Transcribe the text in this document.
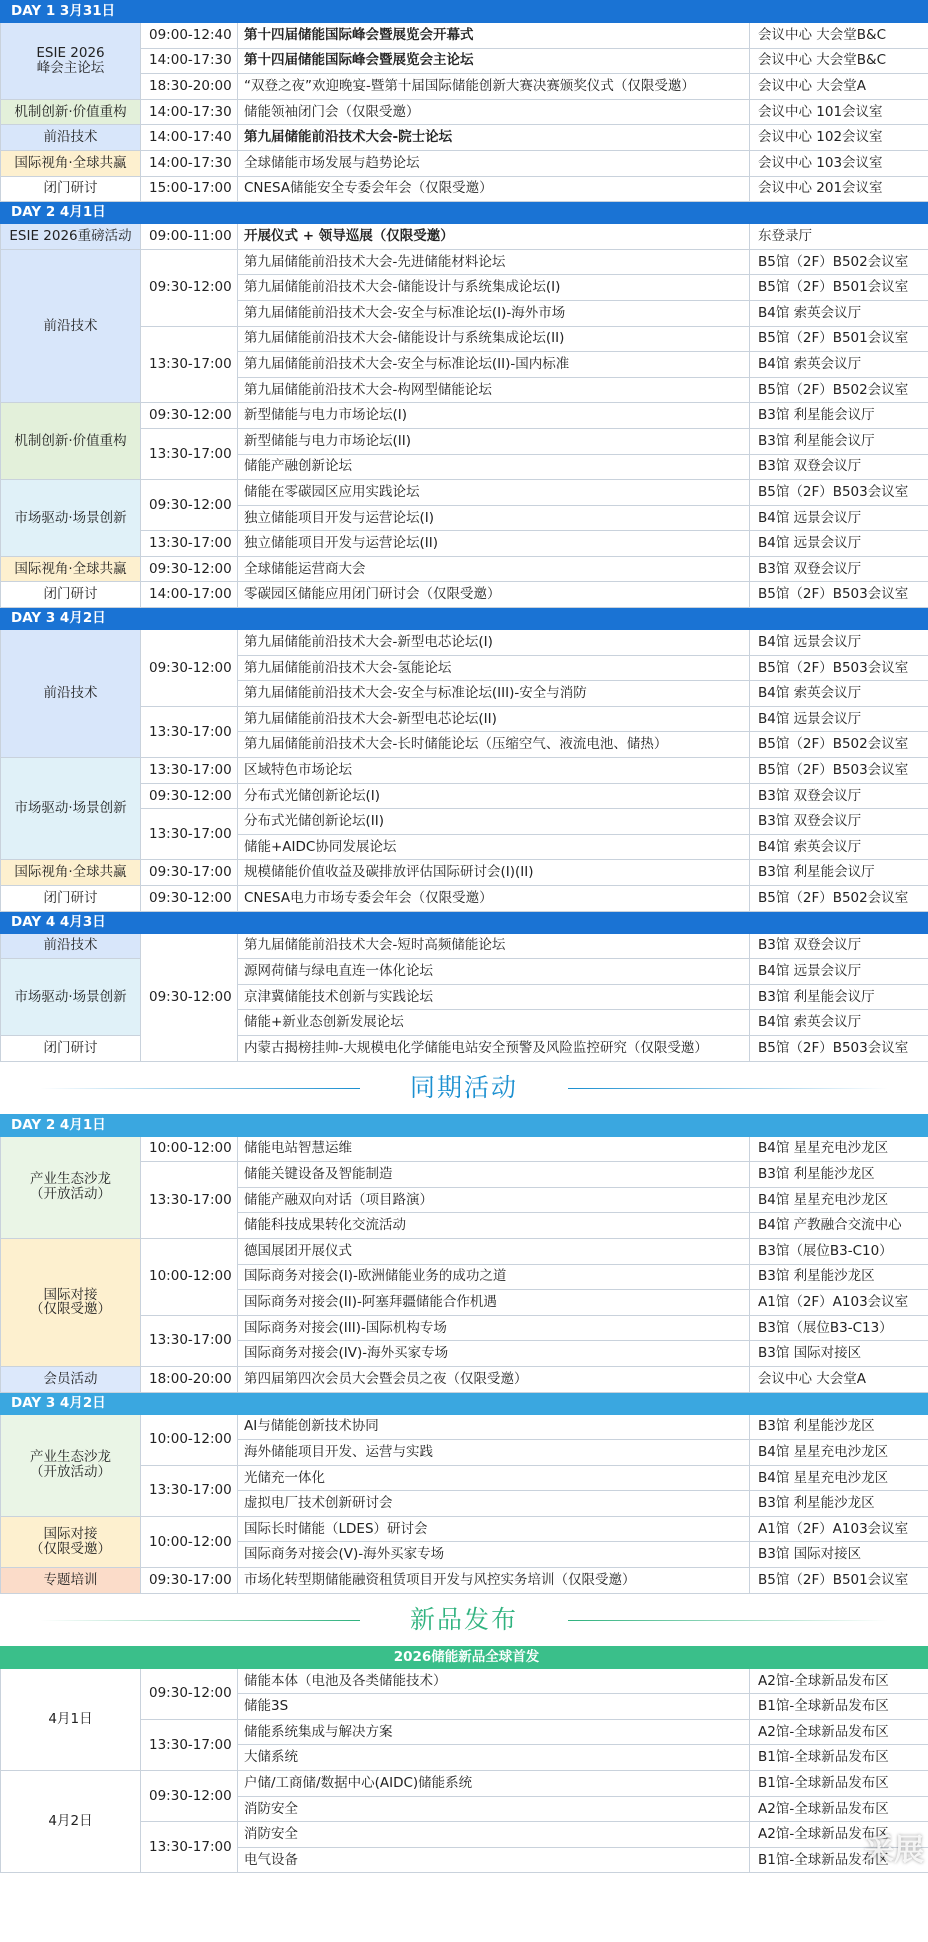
DAY 1 3月31日			
ESIE 2026
峰会主论坛	09:00-12:40	第十四届储能国际峰会暨展览会开幕式	会议中心 大会堂B&C
	14:00-17:30	第十四届储能国际峰会暨展览会主论坛	会议中心 大会堂B&C
	18:30-20:00	“双登之夜”欢迎晚宴-暨第十届国际储能创新大赛决赛颁奖仪式（仅限受邀）	会议中心 大会堂A
机制创新·价值重构	14:00-17:30	储能领袖闭门会（仅限受邀）	会议中心 101会议室
前沿技术	14:00-17:40	第九届储能前沿技术大会-院士论坛	会议中心 102会议室
国际视角·全球共赢	14:00-17:30	全球储能市场发展与趋势论坛	会议中心 103会议室
闭门研讨	15:00-17:00	CNESA储能安全专委会年会（仅限受邀）	会议中心 201会议室
DAY 2 4月1日			
ESIE 2026重磅活动	09:00-11:00	开展仪式 + 领导巡展（仅限受邀）	东登录厅
前沿技术	09:30-12:00	第九届储能前沿技术大会-先进储能材料论坛	B5馆（2F）B502会议室
		第九届储能前沿技术大会-储能设计与系统集成论坛(I)	B5馆（2F）B501会议室
		第九届储能前沿技术大会-安全与标准论坛(I)-海外市场	B4馆 索英会议厅
	13:30-17:00	第九届储能前沿技术大会-储能设计与系统集成论坛(II)	B5馆（2F）B501会议室
		第九届储能前沿技术大会-安全与标准论坛(II)-国内标准	B4馆 索英会议厅
		第九届储能前沿技术大会-构网型储能论坛	B5馆（2F）B502会议室
机制创新·价值重构	09:30-12:00	新型储能与电力市场论坛(I)	B3馆 利星能会议厅
	13:30-17:00	新型储能与电力市场论坛(II)	B3馆 利星能会议厅
		储能产融创新论坛	B3馆 双登会议厅
市场驱动·场景创新	09:30-12:00	储能在零碳园区应用实践论坛	B5馆（2F）B503会议室
		独立储能项目开发与运营论坛(I)	B4馆 远景会议厅
	13:30-17:00	独立储能项目开发与运营论坛(II)	B4馆 远景会议厅
国际视角·全球共赢	09:30-12:00	全球储能运营商大会	B3馆 双登会议厅
闭门研讨	14:00-17:00	零碳园区储能应用闭门研讨会（仅限受邀）	B5馆（2F）B503会议室
DAY 3 4月2日			
前沿技术	09:30-12:00	第九届储能前沿技术大会-新型电芯论坛(I)	B4馆 远景会议厅
		第九届储能前沿技术大会-氢能论坛	B5馆（2F）B503会议室
		第九届储能前沿技术大会-安全与标准论坛(III)-安全与消防	B4馆 索英会议厅
	13:30-17:00	第九届储能前沿技术大会-新型电芯论坛(II)	B4馆 远景会议厅
		第九届储能前沿技术大会-长时储能论坛（压缩空气、液流电池、储热）	B5馆（2F）B502会议室
市场驱动·场景创新	13:30-17:00	区域特色市场论坛	B5馆（2F）B503会议室
	09:30-12:00	分布式光储创新论坛(I)	B3馆 双登会议厅
	13:30-17:00	分布式光储创新论坛(II)	B3馆 双登会议厅
		储能+AIDC协同发展论坛	B4馆 索英会议厅
国际视角·全球共赢	09:30-17:00	规模储能价值收益及碳排放评估国际研讨会(I)(II)	B3馆 利星能会议厅
闭门研讨	09:30-12:00	CNESA电力市场专委会年会（仅限受邀）	B5馆（2F）B502会议室
DAY 4 4月3日			
前沿技术	09:30-12:00	第九届储能前沿技术大会-短时高频储能论坛	B3馆 双登会议厅
市场驱动·场景创新		源网荷储与绿电直连一体化论坛	B4馆 远景会议厅
		京津冀储能技术创新与实践论坛	B3馆 利星能会议厅
		储能+新业态创新发展论坛	B4馆 索英会议厅
闭门研讨		内蒙古揭榜挂帅-大规模电化学储能电站安全预警及风险监控研究（仅限受邀）	B5馆（2F）B503会议室
同期活动
DAY 2 4月1日			
产业生态沙龙
（开放活动）	10:00-12:00	储能电站智慧运维	B4馆 星星充电沙龙区
	13:30-17:00	储能关键设备及智能制造	B3馆 利星能沙龙区
		储能产融双向对话（项目路演）	B4馆 星星充电沙龙区
		储能科技成果转化交流活动	B4馆 产教融合交流中心
国际对接
（仅限受邀）	10:00-12:00	德国展团开展仪式	B3馆（展位B3-C10）
		国际商务对接会(I)-欧洲储能业务的成功之道	B3馆 利星能沙龙区
		国际商务对接会(II)-阿塞拜疆储能合作机遇	A1馆（2F）A103会议室
	13:30-17:00	国际商务对接会(III)-国际机构专场	B3馆（展位B3-C13）
		国际商务对接会(IV)-海外买家专场	B3馆 国际对接区
会员活动	18:00-20:00	第四届第四次会员大会暨会员之夜（仅限受邀）	会议中心 大会堂A
DAY 3 4月2日			
产业生态沙龙
（开放活动）	10:00-12:00	AI与储能创新技术协同	B3馆 利星能沙龙区
		海外储能项目开发、运营与实践	B4馆 星星充电沙龙区
	13:30-17:00	光储充一体化	B4馆 星星充电沙龙区
		虚拟电厂技术创新研讨会	B3馆 利星能沙龙区
国际对接
（仅限受邀）	10:00-12:00	国际长时储能（LDES）研讨会	A1馆（2F）A103会议室
		国际商务对接会(V)-海外买家专场	B3馆 国际对接区
专题培训	09:30-17:00	市场化转型期储能融资租赁项目开发与风控实务培训（仅限受邀）	B5馆（2F）B501会议室
新品发布
2026储能新品全球首发			
4月1日	09:30-12:00	储能本体（电池及各类储能技术）	A2馆-全球新品发布区
		储能3S	B1馆-全球新品发布区
	13:30-17:00	储能系统集成与解决方案	A2馆-全球新品发布区
		大储系统	B1馆-全球新品发布区
4月2日	09:30-12:00	户储/工商储/数据中心(AIDC)储能系统	B1馆-全球新品发布区
		消防安全	A2馆-全球新品发布区
	13:30-17:00	消防安全	A2馆-全球新品发布区
		电气设备	B1馆-全球新品发布区
采展
